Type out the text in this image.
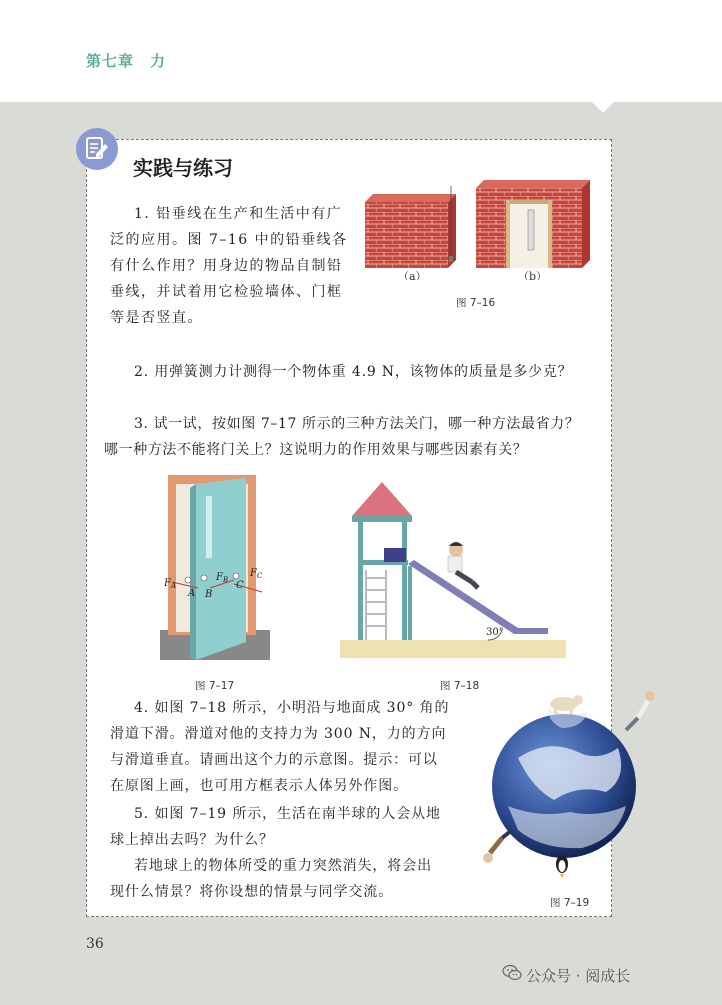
第七章　力
实践与练习
1. 铅垂线在生产和生活中有广
泛的应用。图 7–16 中的铅垂线各
有什么作用？用身边的物品自制铅
垂线，并试着用它检验墙体、门框
等是否竖直。
（a）	（b）
图 7–16
2. 用弹簧测力计测得一个物体重 4.9 N，该物体的质量是多少克？
3. 试一试，按如图 7–17 所示的三种方法关门，哪一种方法最省力？
哪一种方法不能将门关上？这说明力的作用效果与哪些因素有关？
$F_A$
$F_B$
$F_C$
A B
C
图 7–17
30°
图 7–18
4. 如图 7–18 所示，小明沿与地面成 30° 角的
滑道下滑。滑道对他的支持力为 300 N，力的方向
与滑道垂直。请画出这个力的示意图。提示：可以
在原图上画，也可用方框表示人体另外作图。
5. 如图 7–19 所示，生活在南半球的人会从地
球上掉出去吗？为什么？
若地球上的物体所受的重力突然消失，将会出
现什么情景？将你设想的情景与同学交流。
图 7–19
36
公众号 · 阅成长
